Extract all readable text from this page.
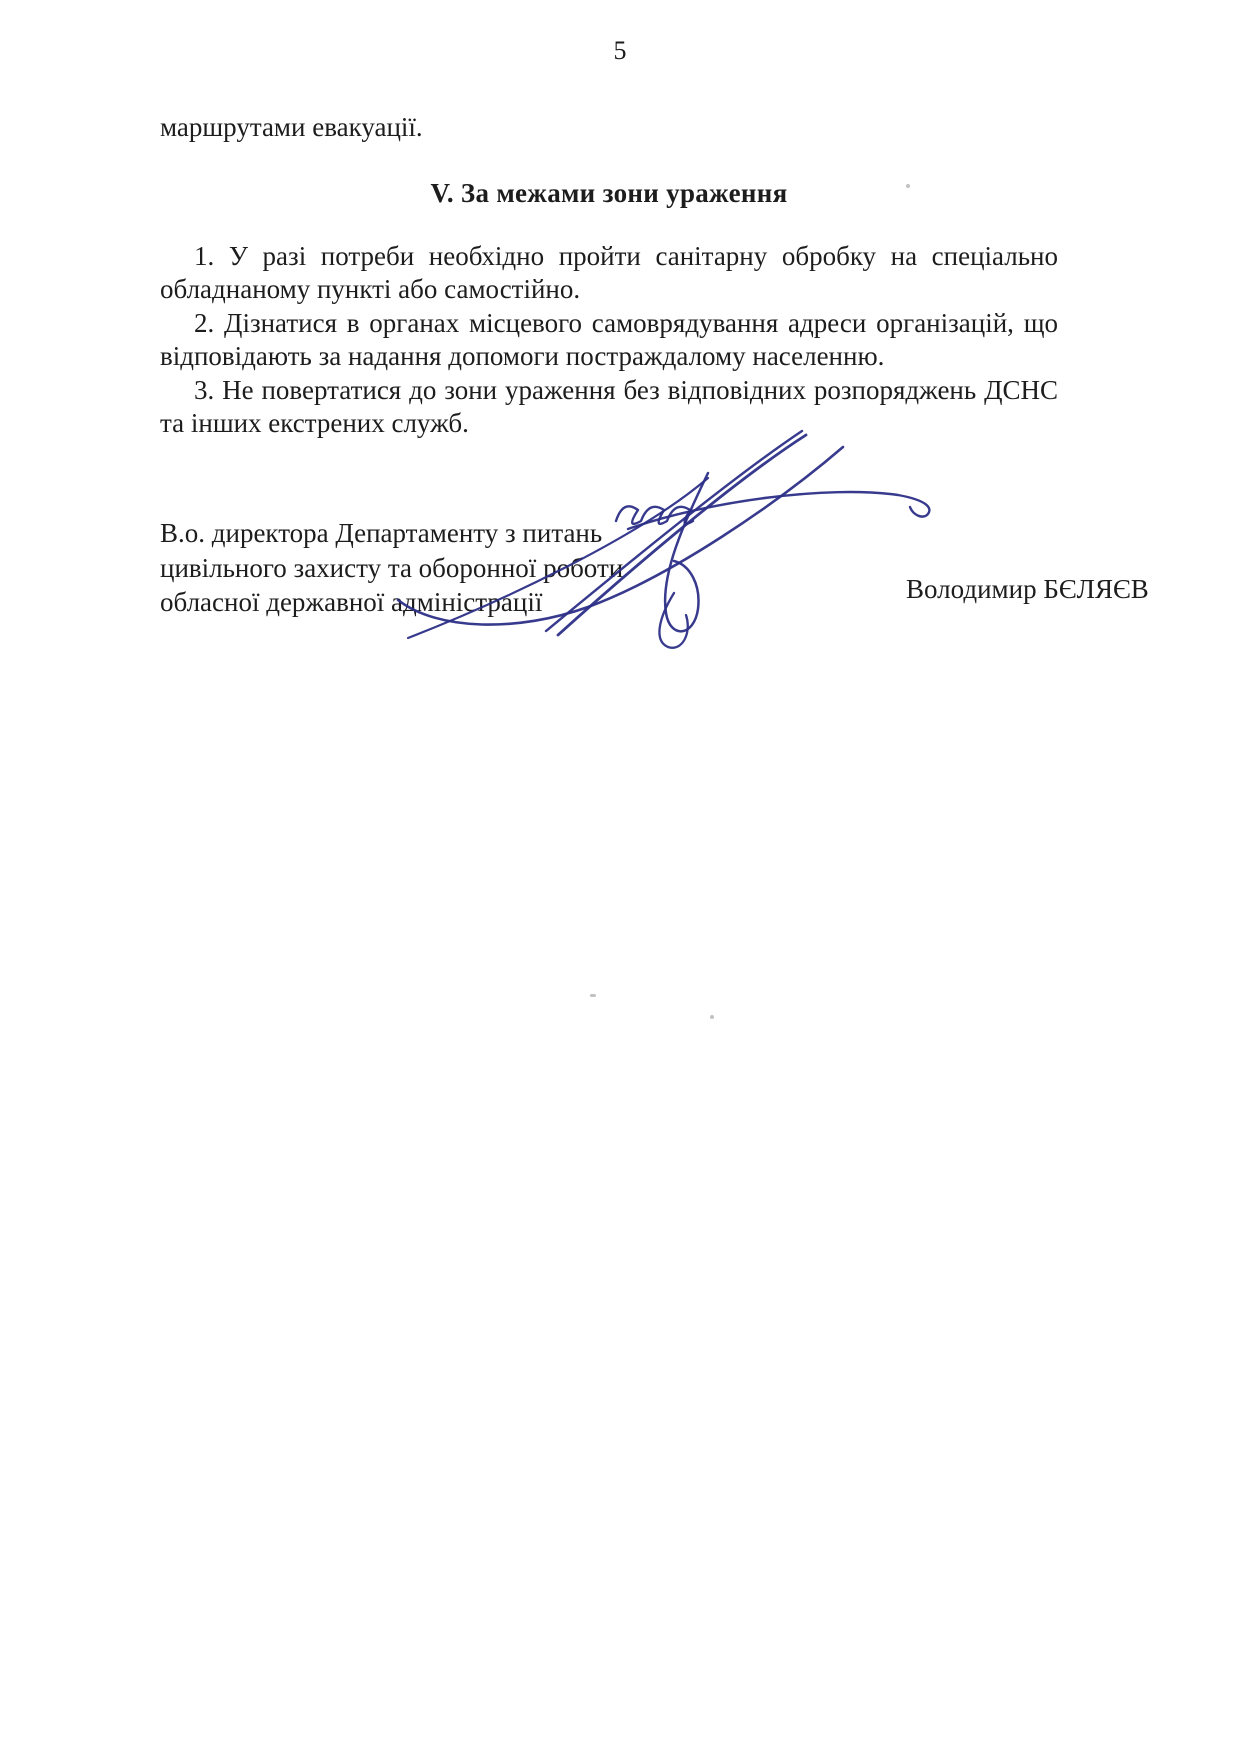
5
маршрутами евакуації.
V. За межами зони ураження

1. У разі потреби необхідно пройти санітарну обробку на спеціально обладнаному пункті або самостійно.

2. Дізнатися в органах місцевого самоврядування адреси організацій, що відповідають за надання допомоги постраждалому населенню.

3. Не повертатися до зони ураження без відповідних розпоряджень ДСНС та інших екстрених служб.

В.о. директора Департаменту з питань
цивільного захисту та оборонної роботи
обласної державної адміністрації	Володимир БЄЛЯЄВ
